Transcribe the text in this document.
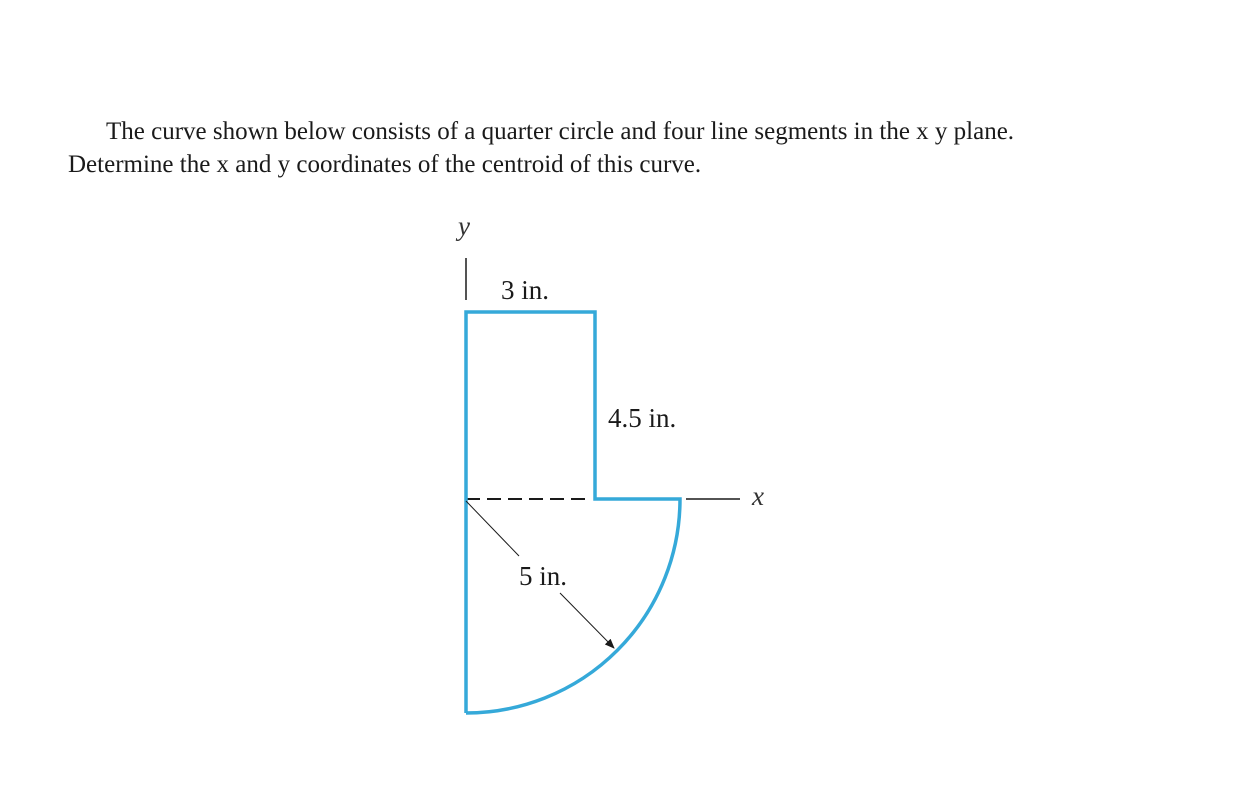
The curve shown below consists of a quarter circle and four line segments in the x y plane.
Determine the x and y coordinates of the centroid of this curve.
y
x
3 in.
4.5 in.
5 in.
